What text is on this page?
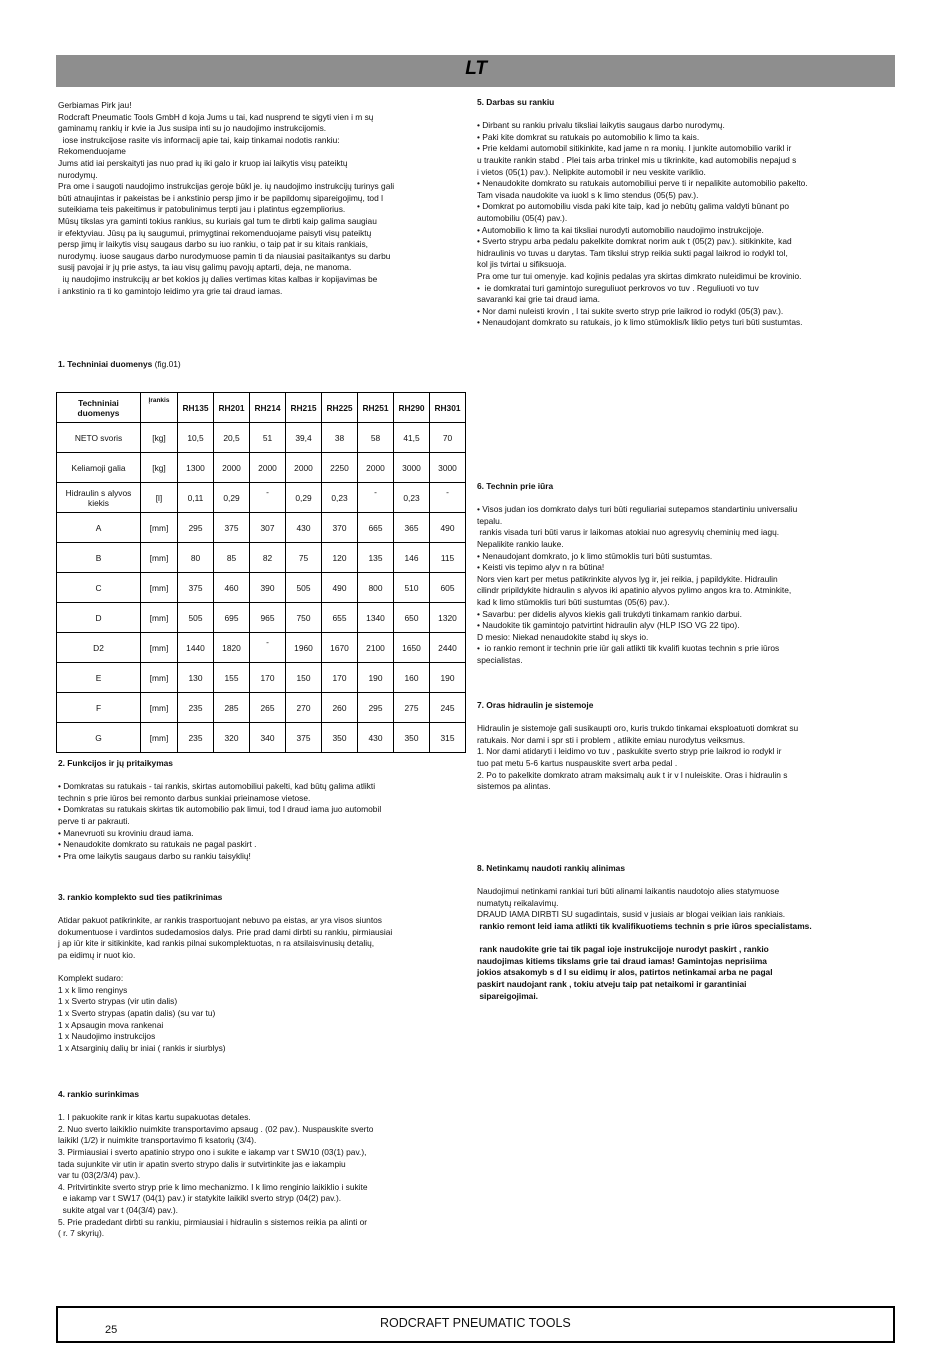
LT

Gerbiamas Pirk jau!

Rodcraft Pneumatic Tools GmbH d koja Jums u tai, kad nusprend te sigyti vien i m sų

gaminamų rankių ir kvie ia Jus susipa inti su jo naudojimo instrukcijomis.

iose instrukcijose rasite vis informacij apie tai, kaip tinkamai nodotis rankiu:

Rekomenduojame

Jums atid iai perskaityti jas nuo prad ių iki galo ir kruop iai laikytis visų pateiktų

nurodymų.

Pra ome i saugoti naudojimo instrukcijas geroje būkl je. ių naudojimo instrukcijų turinys gali

būti atnaujintas ir pakeistas be i ankstinio persp jimo ir be papildomų sipareigojimų, tod l

suteikiama teis pakeitimus ir patobulinimus terpti jau i platintus egzempliorius.

Mūsų tikslas yra gaminti tokius rankius, su kuriais gal tum te dirbti kaip galima saugiau

ir efektyviau. Jūsų pa ių saugumui, primygtinai rekomenduojame paisyti visų pateiktų

persp jimų ir laikytis visų saugaus darbo su iuo rankiu, o taip pat ir su kitais rankiais,

nurodymų. iuose saugaus darbo nurodymuose pamin ti da niausiai pasitaikantys su darbu

susij pavojai ir jų prie astys, ta iau visų galimų pavojų aptarti, deja, ne manoma.

ių naudojimo instrukcijų ar bet kokios jų dalies vertimas kitas kalbas ir kopijavimas be

i ankstinio ra ti ko gamintojo leidimo yra grie tai draud iamas.

1. Techniniai duomenys (fig.01)

Techniniai
duomenys	Įrankis	RH135	RH201	RH214	RH215	RH225	RH251	RH290	RH301
NETO svoris	[kg]	10,5	20,5	51	39,4	38	58	41,5	70
Keliamoji galia	[kg]	1300	2000	2000	2000	2250	2000	3000	3000
Hidraulin s alyvos kiekis	[l]	0,11	0,29	-	0,29	0,23	-	0,23	-
A	[mm]	295	375	307	430	370	665	365	490
B	[mm]	80	85	82	75	120	135	146	115
C	[mm]	375	460	390	505	490	800	510	605
D	[mm]	505	695	965	750	655	1340	650	1320
D2	[mm]	1440	1820	-	1960	1670	2100	1650	2440
E	[mm]	130	155	170	150	170	190	160	190
F	[mm]	235	285	265	270	260	295	275	245
G	[mm]	235	320	340	375	350	430	350	315

2. Funkcijos ir jų pritaikymas

• Domkratas su ratukais - tai rankis, skirtas automobiliui pakelti, kad būtų galima atlikti

technin s prie iūros bei remonto darbus sunkiai prieinamose vietose.

• Domkratas su ratukais skirtas tik automobilio pak limui, tod l draud iama juo automobil

perve ti ar pakrauti.

• Manevruoti su kroviniu draud iama.

• Nenaudokite domkrato su ratukais ne pagal paskirt .

• Pra ome laikytis saugaus darbo su rankiu taisyklių!

3. rankio komplekto sud ties patikrinimas

Atidar pakuot patikrinkite, ar rankis trasportuojant nebuvo pa eistas, ar yra visos siuntos

dokumentuose i vardintos sudedamosios dalys. Prie prad dami dirbti su rankiu, pirmiausiai

j ap iūr kite ir sitikinkite, kad rankis pilnai sukomplektuotas, n ra atsilaisvinusių detalių,

pa eidimų ir nuot kio.

Komplekt sudaro:

1 x k limo renginys

1 x Sverto strypas (vir utin dalis)

1 x Sverto strypas (apatin dalis) (su var tu)

1 x Apsaugin mova rankenai

1 x Naudojimo instrukcijos

1 x Atsarginių dalių br iniai ( rankis ir siurblys)

4. rankio surinkimas

1. I pakuokite rank ir kitas kartu supakuotas detales.

2. Nuo sverto laikiklio nuimkite transportavimo apsaug . (02 pav.). Nuspauskite sverto

laikikl (1/2) ir nuimkite transportavimo fi ksatorių (3/4).

3. Pirmiausiai i sverto apatinio strypo ono i sukite e iakamp var t SW10 (03(1) pav.),

tada sujunkite vir utin ir apatin sverto strypo dalis ir sutvirtinkite jas e iakampiu

var tu (03(2/3/4) pav.).

4. Pritvirtinkite sverto stryp prie k limo mechanizmo. I k limo renginio laikiklio i sukite

e iakamp var t SW17 (04(1) pav.) ir statykite laikikl sverto stryp (04(2) pav.).

sukite atgal var t (04(3/4) pav.).

5. Prie pradedant dirbti su rankiu, pirmiausiai i hidraulin s sistemos reikia pa alinti or

( r. 7 skyrių).

5. Darbas su rankiu

• Dirbant su rankiu privalu tiksliai laikytis saugaus darbo nurodymų.

• Paki kite domkrat su ratukais po automobilio k limo ta kais.

• Prie keldami automobil sitikinkite, kad jame n ra monių. I junkite automobilio varikl ir

u traukite rankin stabd . Plei tais arba trinkel mis u tikrinkite, kad automobilis nepajud s

i vietos (05(1) pav.). Nelipkite automobil ir neu veskite variklio.

• Nenaudokite domkrato su ratukais automobiliui perve ti ir nepalikite automobilio pakelto.

Tam visada naudokite va iuokl s k limo stendus (05(5) pav.).

• Domkrat po automobiliu visda paki kite taip, kad jo nebūtų galima valdyti būnant po

automobiliu (05(4) pav.).

• Automobilio k limo ta kai tiksliai nurodyti automobilio naudojimo instrukcijoje.

• Sverto strypu arba pedalu pakelkite domkrat norim auk t (05(2) pav.). sitikinkite, kad

hidraulinis vo tuvas u darytas. Tam tikslui stryp reikia sukti pagal laikrod io rodykl tol,

kol jis tvirtai u sifiksuoja.

Pra ome tur tui omenyje. kad kojinis pedalas yra skirtas dimkrato nuleidimui be krovinio.

•  ie domkratai turi gamintojo sureguliuot perkrovos vo tuv . Reguliuoti vo tuv

savaranki kai grie tai draud iama.

• Nor dami nuleisti krovin , l tai sukite sverto stryp prie laikrod io rodykl (05(3) pav.).

• Nenaudojant domkrato su ratukais, jo k limo stūmoklis/k liklio petys turi būti sustumtas.

6. Technin prie iūra

• Visos judan ios domkrato dalys turi būti reguliariai sutepamos standartiniu universaliu

tepalu.

rankis visada turi būti varus ir laikomas atokiai nuo agresyvių cheminių med iagų.

Nepalikite rankio lauke.

• Nenaudojant domkrato, jo k limo stūmoklis turi būti sustumtas.

• Keisti vis tepimo alyv n ra būtina!

Nors vien kart per metus patikrinkite alyvos lyg ir, jei reikia, j papildykite. Hidraulin

cilindr pripildykite hidraulin s alyvos iki apatinio alyvos pylimo angos kra to. Atminkite,

kad k limo stūmoklis turi būti sustumtas (05(6) pav.).

• Savarbu: per didelis alyvos kiekis gali trukdyti tinkamam rankio darbui.

• Naudokite tik gamintojo patvirtint hidraulin alyv (HLP ISO VG 22 tipo).

D mesio: Niekad nenaudokite stabd ių skys io.

•  io rankio remont ir technin prie iūr gali atlikti tik kvalifi kuotas technin s prie iūros

specialistas.

7. Oras hidraulin je sistemoje

Hidraulin je sistemoje gali susikaupti oro, kuris trukdo tinkamai eksploatuoti domkrat su

ratukais. Nor dami i spr sti i problem , atlikite emiau nurodytus veiksmus.

1. Nor dami atidaryti i leidimo vo tuv , paskukite sverto stryp prie laikrod io rodykl ir

tuo pat metu 5-6 kartus nuspauskite svert arba pedal .

2. Po to pakelkite domkrato atram maksimalų auk t ir v l nuleiskite. Oras i hidraulin s

sistemos pa alintas.

8. Netinkamų naudoti rankių alinimas

Naudojimui netinkami rankiai turi būti alinami laikantis naudotojo alies statymuose

numatytų reikalavimų.

DRAUD IAMA DIRBTI SU sugadintais, susid v jusiais ar blogai veikian iais rankiais.

rankio remont leid iama atlikti tik kvalifikuotiems technin s prie iūros specialistams.

rank naudokite grie tai tik pagal ioje instrukcijoje nurodyt paskirt , rankio

naudojimas kitiems tikslams grie tai draud iamas! Gamintojas neprisiima

jokios atsakomyb s d l su eidimų ir alos, patirtos netinkamai arba ne pagal

paskirt naudojant rank , tokiu atveju taip pat netaikomi ir garantiniai

sipareigojimai.

25	RODCRAFT PNEUMATIC TOOLS
